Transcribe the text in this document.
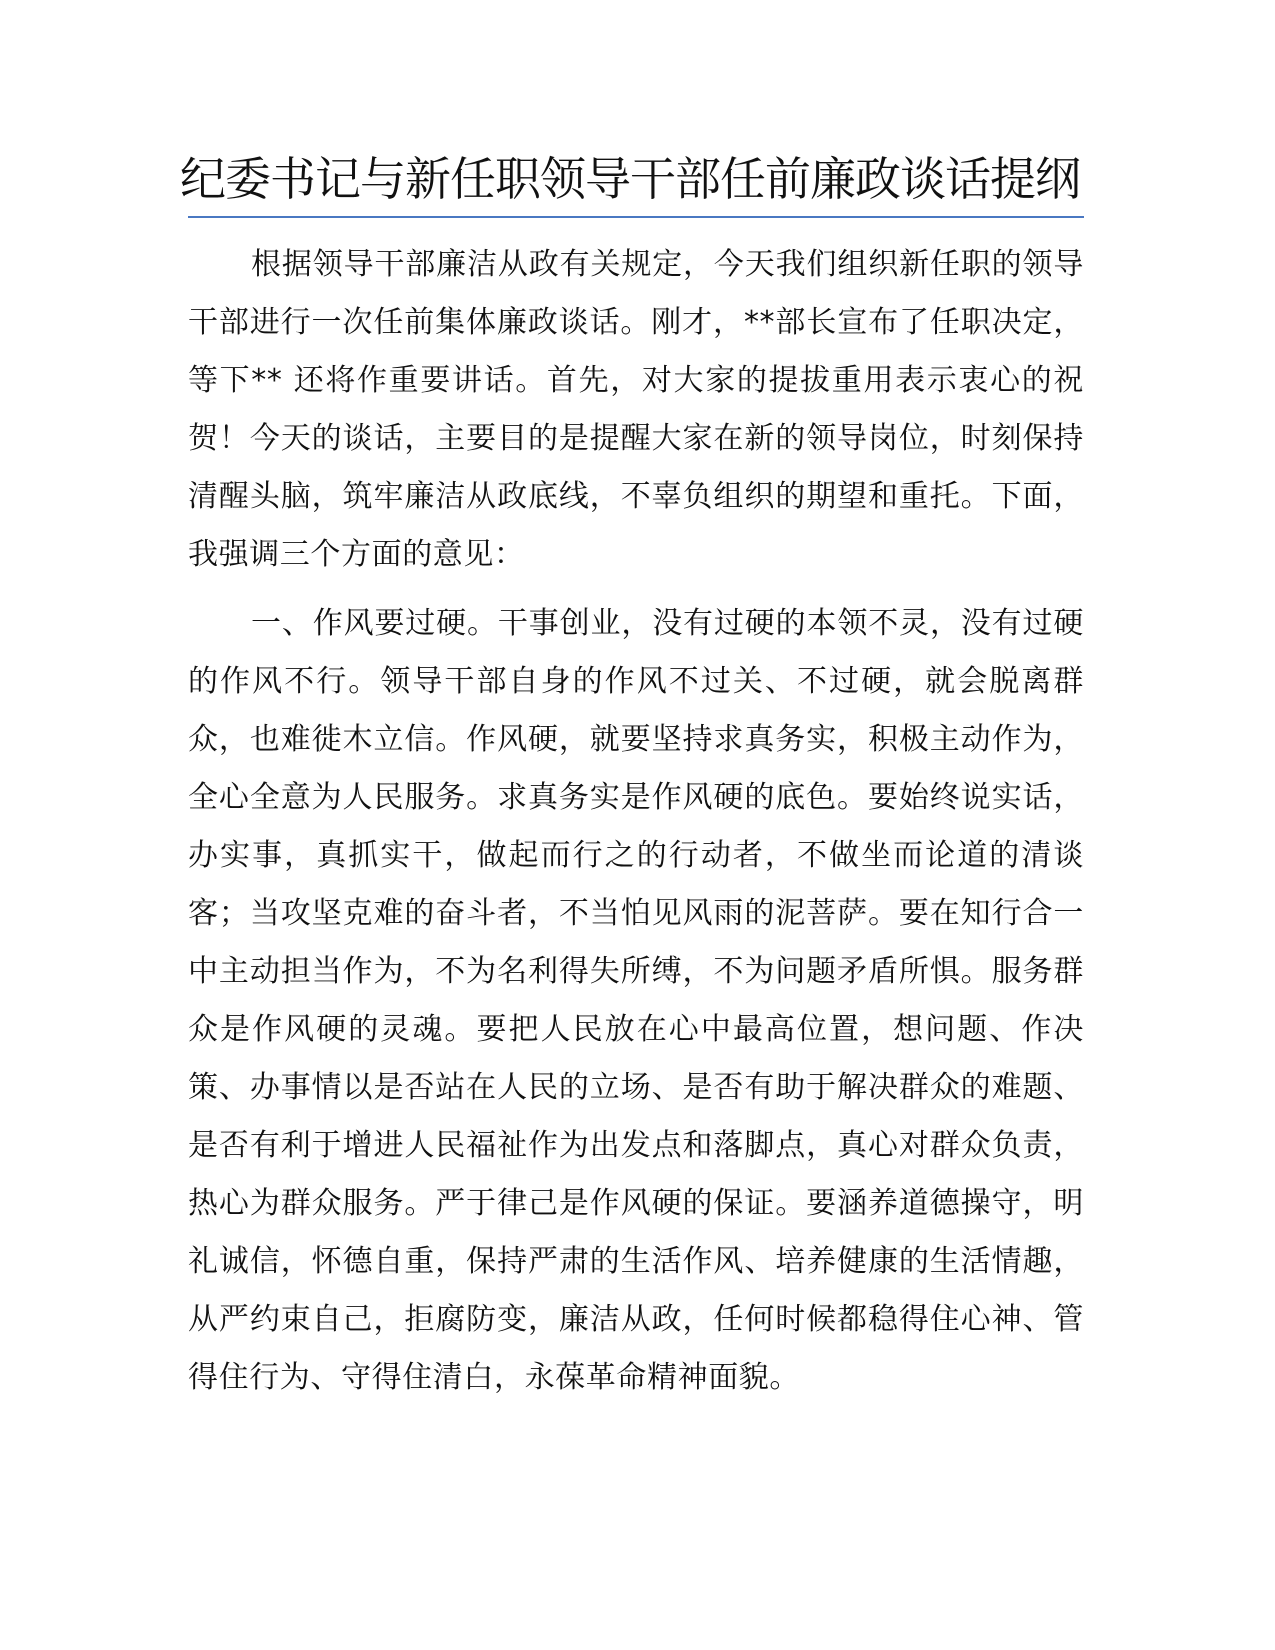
纪委书记与新任职领导干部任前廉政谈话提纲

根据领导干部廉洁从政有关规定，今天我们组织新任职的领导干部进行一次任前集体廉政谈话。刚才，**部长宣布了任职决定，等下** 还将作重要讲话。首先，对大家的提拔重用表示衷心的祝贺！今天的谈话，主要目的是提醒大家在新的领导岗位，时刻保持清醒头脑，筑牢廉洁从政底线，不辜负组织的期望和重托。下面，我强调三个方面的意见：

一、作风要过硬。干事创业，没有过硬的本领不灵，没有过硬的作风不行。领导干部自身的作风不过关、不过硬，就会脱离群众，也难徙木立信。作风硬，就要坚持求真务实，积极主动作为，全心全意为人民服务。求真务实是作风硬的底色。要始终说实话，办实事，真抓实干，做起而行之的行动者，不做坐而论道的清谈客；当攻坚克难的奋斗者，不当怕见风雨的泥菩萨。要在知行合一中主动担当作为，不为名利得失所缚，不为问题矛盾所惧。服务群众是作风硬的灵魂。要把人民放在心中最高位置，想问题、作决策、办事情以是否站在人民的立场、是否有助于解决群众的难题、是否有利于增进人民福祉作为出发点和落脚点，真心对群众负责，热心为群众服务。严于律己是作风硬的保证。要涵养道德操守，明礼诚信，怀德自重，保持严肃的生活作风、培养健康的生活情趣，从严约束自己，拒腐防变，廉洁从政，任何时候都稳得住心神、管得住行为、守得住清白，永葆革命精神面貌。
